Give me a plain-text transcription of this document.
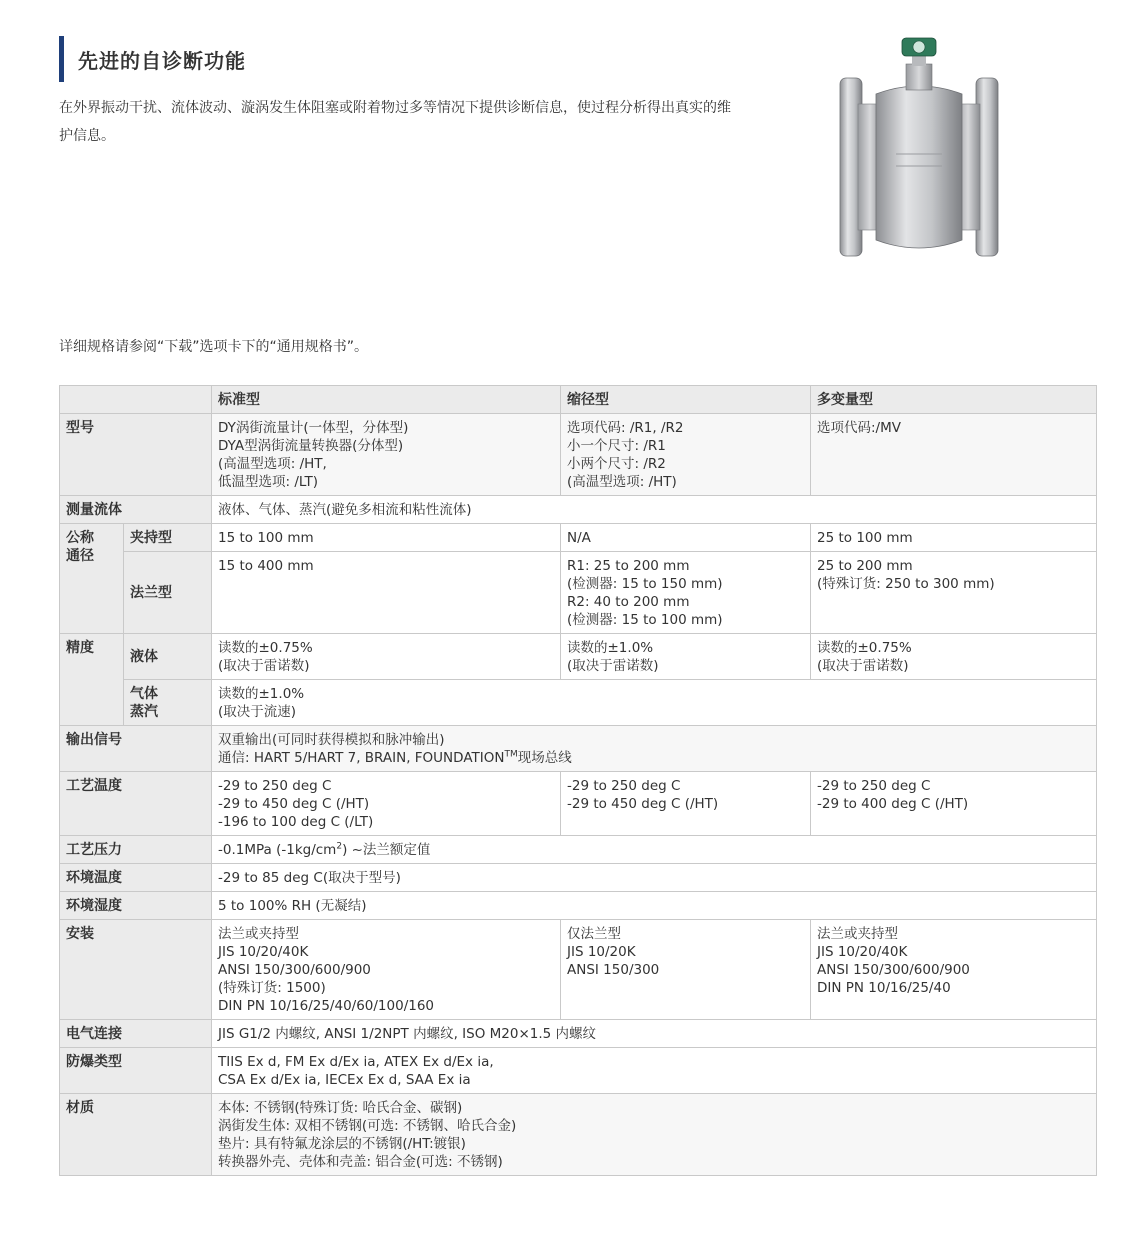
先进的自诊断功能
在外界振动干扰、流体波动、漩涡发生体阻塞或附着物过多等情况下提供诊断信息，使过程分析得出真实的维
护信息。
详细规格请参阅“下载”选项卡下的“通用规格书”。
		标准型	缩径型	多变量型
型号		DY涡街流量计(一体型，分体型)
DYA型涡街流量转换器(分体型)
(高温型选项: /HT,
低温型选项: /LT)	选项代码: /R1, /R2
小一个尺寸: /R1
小两个尺寸: /R2
(高温型选项: /HT)	选项代码:/MV

测量流体		液体、气体、蒸汽(避免多相流和粘性流体)		

公称
通径	夹持型	15 to 100 mm	N/A	25 to 100 mm
	法兰型	15 to 400 mm	R1: 25 to 200 mm
(检测器: 15 to 150 mm)
R2: 40 to 200 mm
(检测器: 15 to 100 mm)	25 to 200 mm
(特殊订货: 250 to 300 mm)

精度	液体	读数的±0.75%
(取决于雷诺数)	读数的±1.0%
(取决于雷诺数)	读数的±0.75%
(取决于雷诺数)

	气体
蒸汽	读数的±1.0%
(取决于流速)		

输出信号		双重输出(可同时获得模拟和脉冲输出)
通信: HART 5/HART 7, BRAIN, FOUNDATION™现场总线		

工艺温度		-29 to 250 deg C
-29 to 450 deg C (/HT)
-196 to 100 deg C (/LT)	-29 to 250 deg C
-29 to 450 deg C (/HT)	-29 to 250 deg C
-29 to 400 deg C (/HT)

工艺压力		-0.1MPa $(-1kg/cm^2)$ ~法兰额定值		
环境温度		-29 to 85 deg C(取决于型号)		
环境湿度		5 to 100% RH (无凝结)		
安装		法兰或夹持型
JIS 10/20/40K
ANSI 150/300/600/900
(特殊订货: 1500)
DIN PN 10/16/25/40/60/100/160	仅法兰型
JIS 10/20K
ANSI 150/300	法兰或夹持型
JIS 10/20/40K
ANSI 150/300/600/900
DIN PN 10/16/25/40

电气连接		JIS G1/2 内螺纹, ANSI 1/2NPT 内螺纹, ISO M20×1.5 内螺纹		
防爆类型		TIIS Ex d, FM Ex d/Ex ia, ATEX Ex d/Ex ia,
CSA Ex d/Ex ia, IECEx Ex d, SAA Ex ia		

材质		本体: 不锈钢(特殊订货: 哈氏合金、碳钢)
涡街发生体: 双相不锈钢(可选: 不锈钢、哈氏合金)
垫片: 具有特氟龙涂层的不锈钢(/HT:镀银)
转换器外壳、壳体和壳盖: 铝合金(可选: 不锈钢)		
